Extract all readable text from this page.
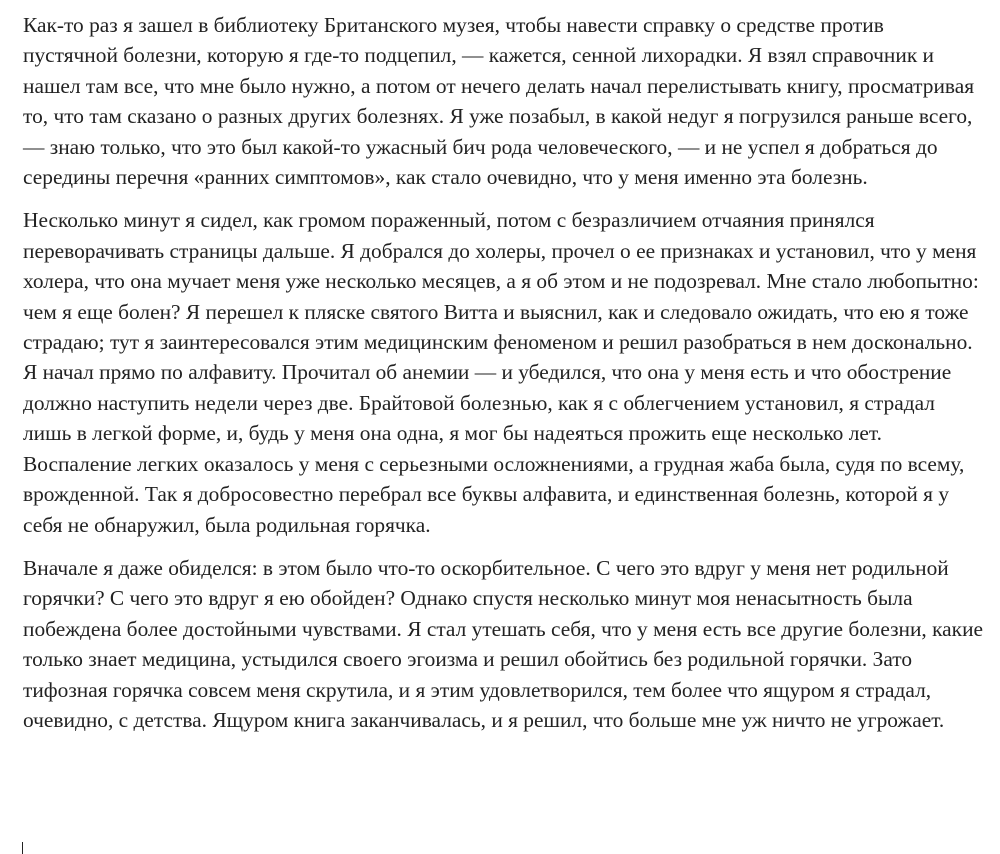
Как-то раз я зашел в библиотеку Британского музея, чтобы навести справку о средстве против пустячной болезни, которую я где-то подцепил, — кажется, сенной лихорадки. Я взял справочник и нашел там все, что мне было нужно, а потом от нечего делать начал перелистывать книгу, просматривая то, что там сказано о разных других болезнях. Я уже позабыл, в какой недуг я погрузился раньше всего, — знаю только, что это был какой-то ужасный бич рода человеческого, — и не успел я добраться до середины перечня «ранних симптомов», как стало очевидно, что у меня именно эта болезнь.

Несколько минут я сидел, как громом пораженный, потом с безразличием отчаяния принялся переворачивать страницы дальше. Я добрался до холеры, прочел о ее признаках и установил, что у меня холера, что она мучает меня уже несколько месяцев, а я об этом и не подозревал. Мне стало любопытно: чем я еще болен? Я перешел к пляске святого Витта и выяснил, как и следовало ожидать, что ею я тоже страдаю; тут я заинтересовался этим медицинским феноменом и решил разобраться в нем досконально. Я начал прямо по алфавиту. Прочитал об анемии — и убедился, что она у меня есть и что обострение должно наступить недели через две. Брайтовой болезнью, как я с облегчением установил, я страдал лишь в легкой форме, и, будь у меня она одна, я мог бы надеяться прожить еще несколько лет. Воспаление легких оказалось у меня с серьезными осложнениями, а грудная жаба была, судя по всему, врожденной. Так я добросовестно перебрал все буквы алфавита, и единственная болезнь, которой я у себя не обнаружил, была родильная горячка.

Вначале я даже обиделся: в этом было что-то оскорбительное. С чего это вдруг у меня нет родильной горячки? С чего это вдруг я ею обойден? Однако спустя несколько минут моя ненасытность была побеждена более достойными чувствами. Я стал утешать себя, что у меня есть все другие болезни, какие только знает медицина, устыдился своего эгоизма и решил обойтись без родильной горячки. Зато тифозная горячка совсем меня скрутила, и я этим удовлетворился, тем более что ящуром я страдал, очевидно, с детства. Ящуром книга заканчивалась, и я решил, что больше мне уж ничто не угрожает.
